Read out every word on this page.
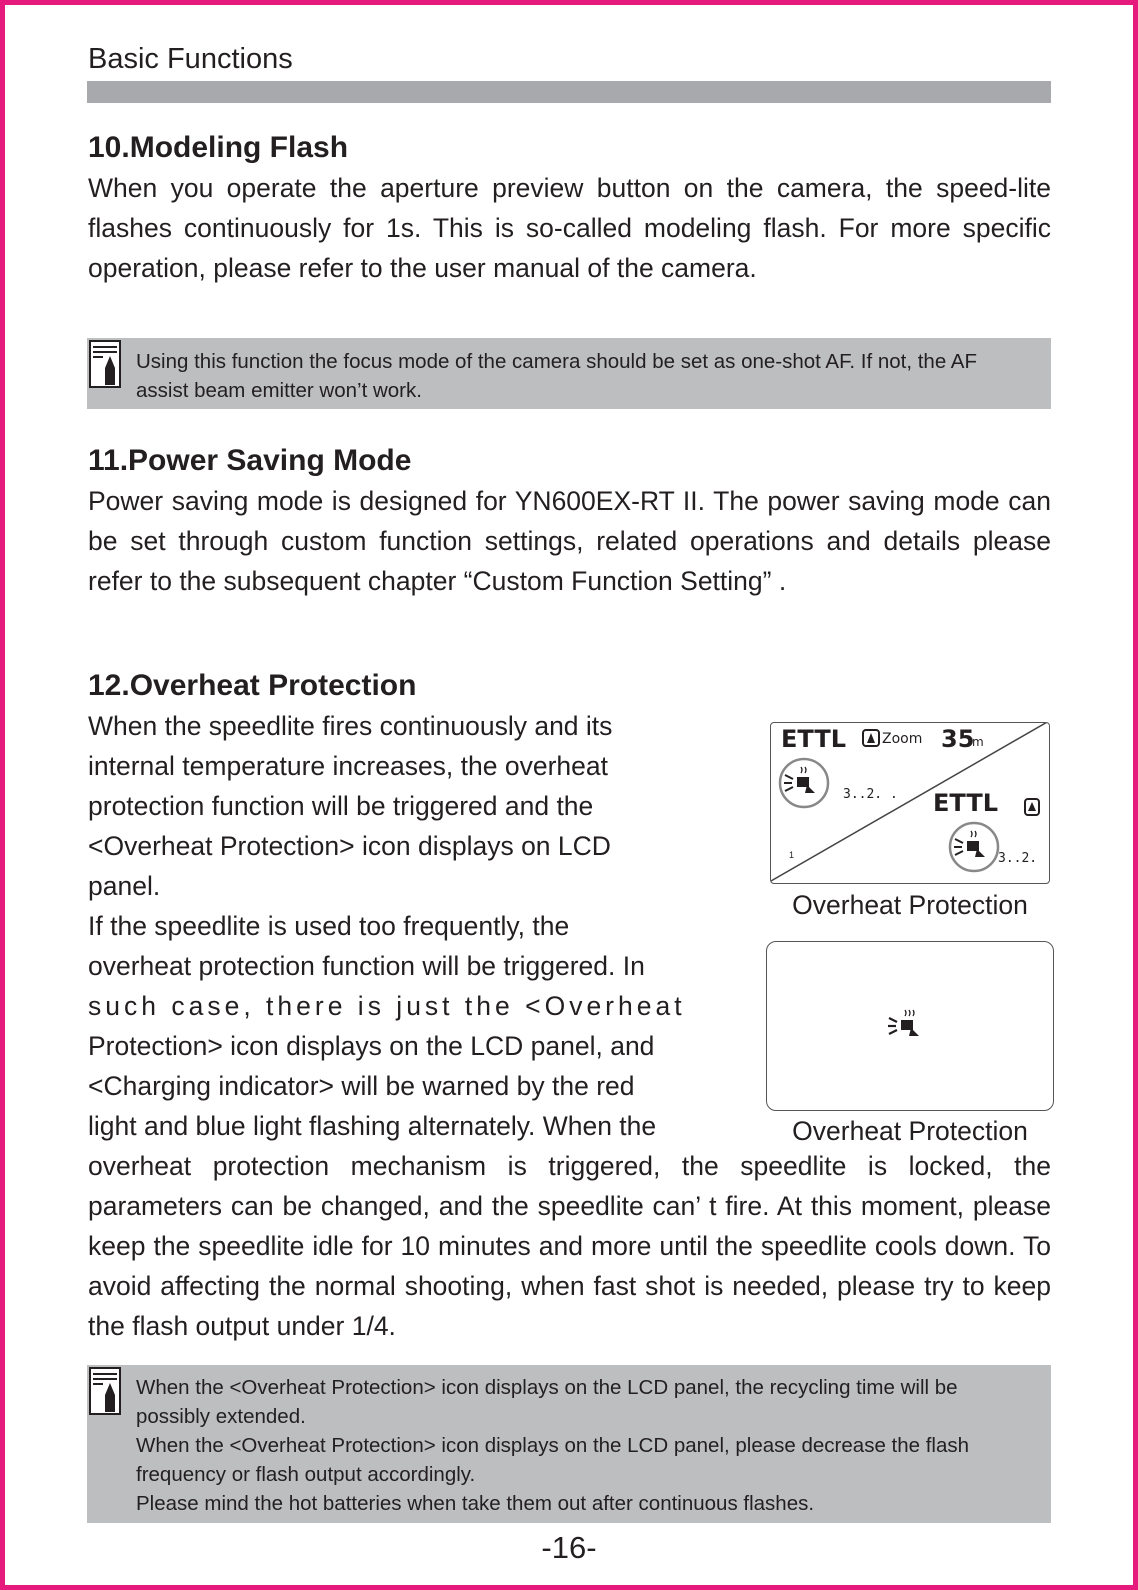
Basic Functions
10.Modeling Flash
When you operate the aperture preview button on the camera, the speed-lite flashes continuously for 1s. This is so-called modeling flash. For more specific operation, please refer to the user manual of the camera.
Using this function the focus mode of the camera should be set as one-shot AF. If not, the AF assist beam emitter won’t work.
11.Power Saving Mode
Power saving mode is designed for YN600EX-RT II. The power saving mode can be set through custom function settings, related operations and details please refer to the subsequent chapter “Custom Function Setting” .
12.Overheat Protection
When the speedlite fires continuously and its
internal temperature increases, the overheat
protection function will be triggered and the
<Overheat Protection> icon displays on LCD
panel.
If the speedlite is used too frequently, the
overheat protection function will be triggered. In
such case, there is just the <Overheat
Protection> icon displays on the LCD panel, and
<Charging indicator> will be warned by the red
light and blue light flashing alternately. When the
overheat protection mechanism is triggered, the speedlite is locked, the parameters can be changed, and the speedlite can’ t fire. At this moment, please keep the speedlite idle for 10 minutes and more until the speedlite cools down. To avoid affecting the normal shooting, when fast shot is needed, please try to keep the flash output under 1/4.
ETTL	Zoom 35
m
3..2. . ETTL
3..2.
1
Overheat Protection
Overheat Protection
When the <Overheat Protection> icon displays on the LCD panel, the recycling time will be possibly extended.
When the <Overheat Protection> icon displays on the LCD panel, please decrease the flash frequency or flash output accordingly.
Please mind the hot batteries when take them out after continuous flashes.
-16-
